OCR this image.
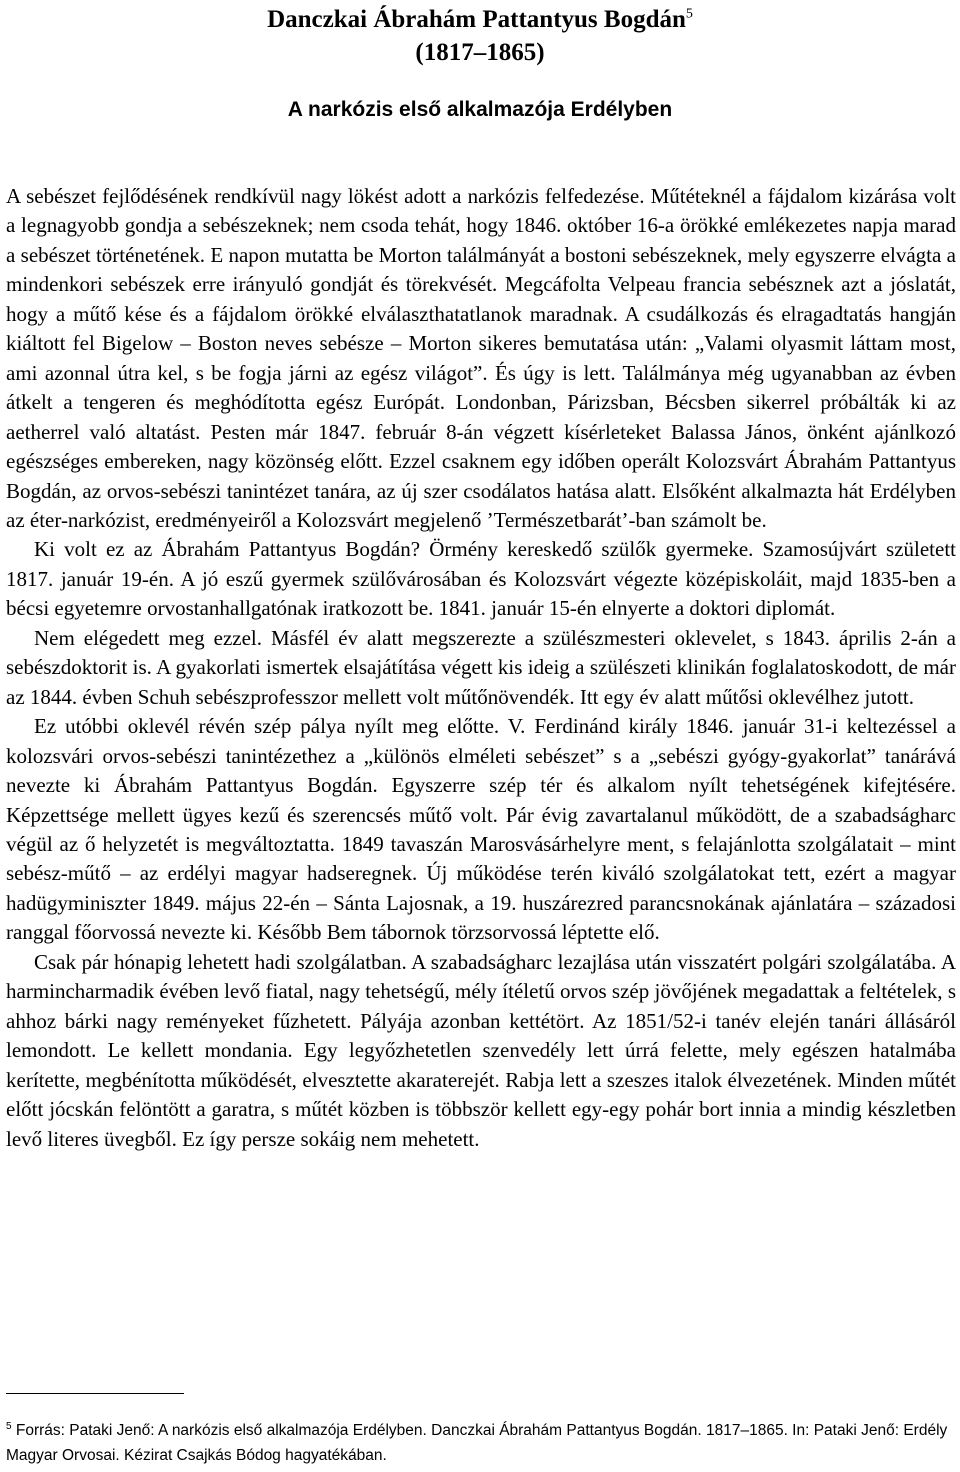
Danczkai Ábrahám Pattantyus Bogdán$^5$
(1817–1865)
A narkózis első alkalmazója Erdélyben

A sebészet fejlődésének rendkívül nagy lökést adott a narkózis felfedezése. Műtéteknél a fájdalom kizárása volt a legnagyobb gondja a sebészeknek; nem csoda tehát, hogy 1846. október 16-a örökké emlékezetes napja marad a sebészet történetének. E napon mutatta be Morton találmányát a bostoni sebészeknek, mely egyszerre elvágta a mindenkori sebészek erre irányuló gondját és törekvését. Megcáfolta Velpeau francia sebésznek azt a jóslatát, hogy a műtő kése és a fájdalom örökké elválaszthatatlanok maradnak. A csudálkozás és elragadtatás hangján kiáltott fel Bigelow – Boston neves sebésze – Morton sikeres bemutatása után: „Valami olyasmit láttam most, ami azonnal útra kel, s be fogja járni az egész világot”. És úgy is lett. Találmánya még ugyanabban az évben átkelt a tengeren és meghódította egész Európát. Londonban, Párizsban, Bécsben sikerrel próbálták ki az aetherrel való altatást. Pesten már 1847. február 8-án végzett kísérleteket Balassa János, önként ajánlkozó egészséges embereken, nagy közönség előtt. Ezzel csaknem egy időben operált Kolozsvárt Ábrahám Pattantyus Bogdán, az orvos-sebészi tanintézet tanára, az új szer csodálatos hatása alatt. Elsőként alkalmazta hát Erdélyben az éter-narkózist, eredményeiről a Kolozsvárt megjelenő ’Természetbarát’-ban számolt be.

Ki volt ez az Ábrahám Pattantyus Bogdán? Örmény kereskedő szülők gyermeke. Szamosújvárt született 1817. január 19-én. A jó eszű gyermek szülővárosában és Kolozsvárt végezte középiskoláit, majd 1835-ben a bécsi egyetemre orvostanhallgatónak iratkozott be. 1841. január 15-én elnyerte a doktori diplomát.

Nem elégedett meg ezzel. Másfél év alatt megszerezte a szülészmesteri oklevelet, s 1843. április 2-án a sebészdoktorit is. A gyakorlati ismertek elsajátítása végett kis ideig a szülészeti klinikán foglalatoskodott, de már az 1844. évben Schuh sebészprofesszor mellett volt műtőnövendék. Itt egy év alatt műtősi oklevélhez jutott.

Ez utóbbi oklevél révén szép pálya nyílt meg előtte. V. Ferdinánd király 1846. január 31-i keltezéssel a kolozsvári orvos-sebészi tanintézethez a „különös elméleti sebészet” s a „sebészi gyógy-gyakorlat” tanárává nevezte ki Ábrahám Pattantyus Bogdán. Egyszerre szép tér és alkalom nyílt tehetségének kifejtésére. Képzettsége mellett ügyes kezű és szerencsés műtő volt. Pár évig zavartalanul működött, de a szabadságharc végül az ő helyzetét is megváltoztatta. 1849 tavaszán Marosvásárhelyre ment, s felajánlotta szolgálatait – mint sebész-műtő – az erdélyi magyar hadseregnek. Új működése terén kiváló szolgálatokat tett, ezért a magyar hadügyminiszter 1849. május 22-én – Sánta Lajosnak, a 19. huszárezred parancsnokának ajánlatára – századosi ranggal főorvossá nevezte ki. Később Bem tábornok törzsorvossá léptette elő.

Csak pár hónapig lehetett hadi szolgálatban. A szabadságharc lezajlása után visszatért polgári szolgálatába. A harmincharmadik évében levő fiatal, nagy tehetségű, mély ítéletű orvos szép jövőjének megadattak a feltételek, s ahhoz bárki nagy reményeket fűzhetett. Pályája azonban kettétört. Az 1851/52-i tanév elején tanári állásáról lemondott. Le kellett mondania. Egy legyőzhetetlen szenvedély lett úrrá felette, mely egészen hatalmába kerítette, megbénította működését, elvesztette akaraterejét. Rabja lett a szeszes italok élvezetének. Minden műtét előtt jócskán felöntött a garatra, s műtét közben is többször kellett egy-egy pohár bort innia a mindig készletben levő literes üvegből. Ez így persze sokáig nem mehetett.

$^5$ Forrás: Pataki Jenő: A narkózis első alkalmazója Erdélyben. Danczkai Ábrahám Pattantyus Bogdán. 1817–1865. In: Pataki Jenő: Erdély Magyar Orvosai. Kézirat Csajkás Bódog hagyatékában.
